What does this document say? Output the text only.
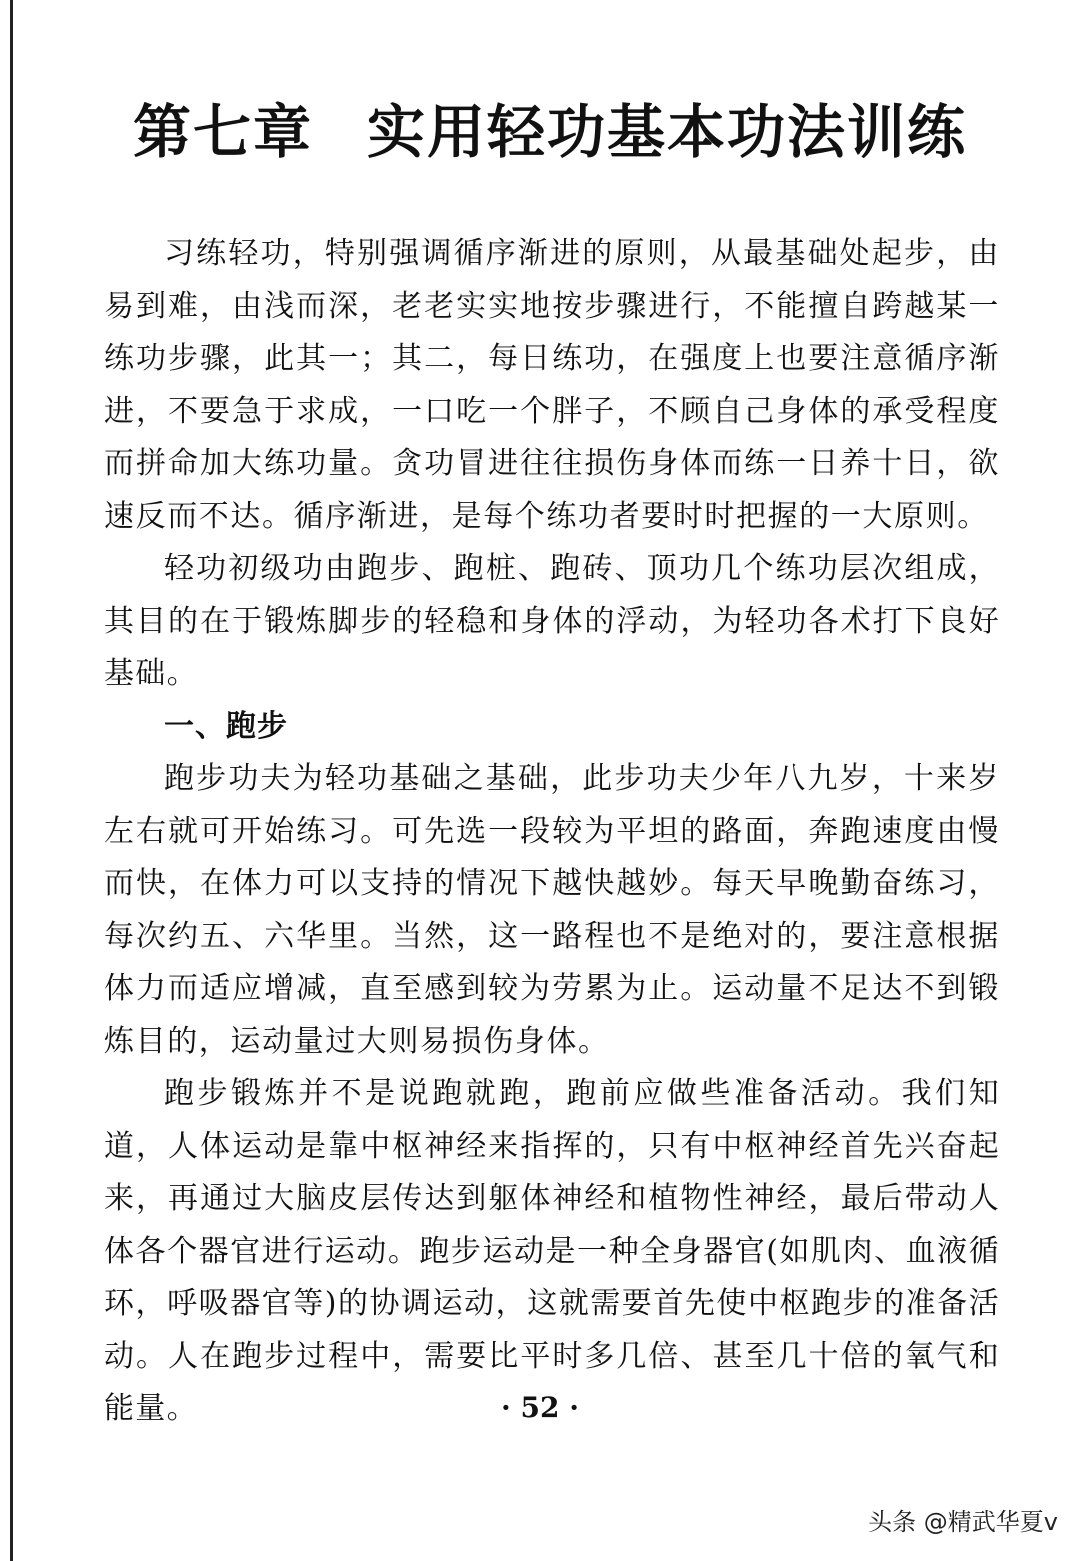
第七章 实用轻功基本功法训练

习练轻功，特别强调循序渐进的原则，从最基础处起步，由易到难，由浅而深，老老实实地按步骤进行，不能擅自跨越某一练功步骤，此其一；其二，每日练功，在强度上也要注意循序渐进，不要急于求成，一口吃一个胖子，不顾自己身体的承受程度而拼命加大练功量。贪功冒进往往损伤身体而练一日养十日，欲速反而不达。循序渐进，是每个练功者要时时把握的一大原则。

轻功初级功由跑步、跑桩、跑砖、顶功几个练功层次组成，其目的在于锻炼脚步的轻稳和身体的浮动，为轻功各术打下良好基础。

一、跑步

跑步功夫为轻功基础之基础，此步功夫少年八九岁，十来岁左右就可开始练习。可先选一段较为平坦的路面，奔跑速度由慢而快，在体力可以支持的情况下越快越妙。每天早晚勤奋练习，每次约五、六华里。当然，这一路程也不是绝对的，要注意根据体力而适应增减，直至感到较为劳累为止。运动量不足达不到锻炼目的，运动量过大则易损伤身体。

跑步锻炼并不是说跑就跑，跑前应做些准备活动。我们知道，人体运动是靠中枢神经来指挥的，只有中枢神经首先兴奋起来，再通过大脑皮层传达到躯体神经和植物性神经，最后带动人体各个器官进行运动。跑步运动是一种全身器官(如肌肉、血液循环，呼吸器官等)的协调运动，这就需要首先使中枢跑步的准备活动。人在跑步过程中，需要比平时多几倍、甚至几十倍的氧气和能量。	· 52 ·
头条 @精武华夏v
